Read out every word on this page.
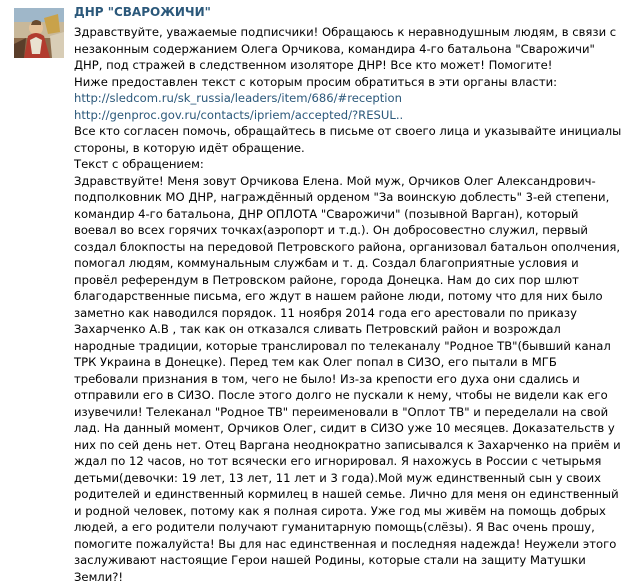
ДНР "СВАРОЖИЧИ"

Здравствуйте, уважаемые подписчики! Обращаюсь к неравнодушным людям, в связи с незаконным содержанием Олега Орчикова, командира 4-го батальона "Сварожичи" ДНР, под стражей в следственном изоляторе ДНР! Все кто может! Помогите!

Ниже предоставлен текст с которым просим обратиться в эти органы власти:

http://sledcom.ru/sk_russia/leaders/item/686/#reception http://genproc.gov.ru/contacts/ipriem/accepted/?RESUL..

Все кто согласен помочь, обращайтесь в письме от своего лица и указывайте инициалы стороны, в которую идёт обращение.

Текст с обращением:

Здравствуйте! Меня зовут Орчикова Елена. Мой муж, Орчиков Олег Александрович- подполковник МО ДНР, награждённый орденом "За воинскую доблесть" 3-ей степени, командир 4-го батальона, ДНР ОПЛОТА "Сварожичи" (позывной Варган), который воевал во всех горячих точках(аэропорт и т.д.). Он добросовестно служил, первый создал блокпосты на передовой Петровского района, организовал батальон ополчения, помогал людям, коммунальным службам и т. д. Создал благоприятные условия и провёл референдум в Петровском районе, города Донецка. Нам до сих пор шлют благодарственные письма, его ждут в нашем районе люди, потому что для них было заметно как наводился порядок. 11 ноября 2014 года его арестовали по приказу Захарченко А.В , так как он отказался сливать Петровский район и возрождал народные традиции, которые транслировал по телеканалу "Родное ТВ"(бывший канал ТРК Украина в Донецке). Перед тем как Олег попал в СИЗО, его пытали в МГБ требовали признания в том, чего не было! Из-за крепости его духа они сдались и отправили его в СИЗО. После этого долго не пускали к нему, чтобы не видели как его изувечили! Телеканал "Родное ТВ" переименовали в "Оплот ТВ" и переделали на свой лад. На данный момент, Орчиков Олег, сидит в СИЗО уже 10 месяцев. Доказательств у них по сей день нет. Отец Варгана неоднократно записывался к Захарченко на приём и ждал по 12 часов, но тот всячески его игнорировал. Я нахожусь в России с четырьмя детьми(девочки: 19 лет, 13 лет, 11 лет и 3 года).Мой муж единственный сын у своих родителей и единственный кормилец в нашей семье. Лично для меня он единственный и родной человек, потому как я полная сирота. Уже год мы живём на помощь добрых людей, а его родители получают гуманитарную помощь(слёзы). Я Вас очень прошу, помогите пожалуйста! Вы для нас единственная и последняя надежда! Неужели этого заслуживают настоящие Герои нашей Родины, которые стали на защиту Матушки Земли?!
